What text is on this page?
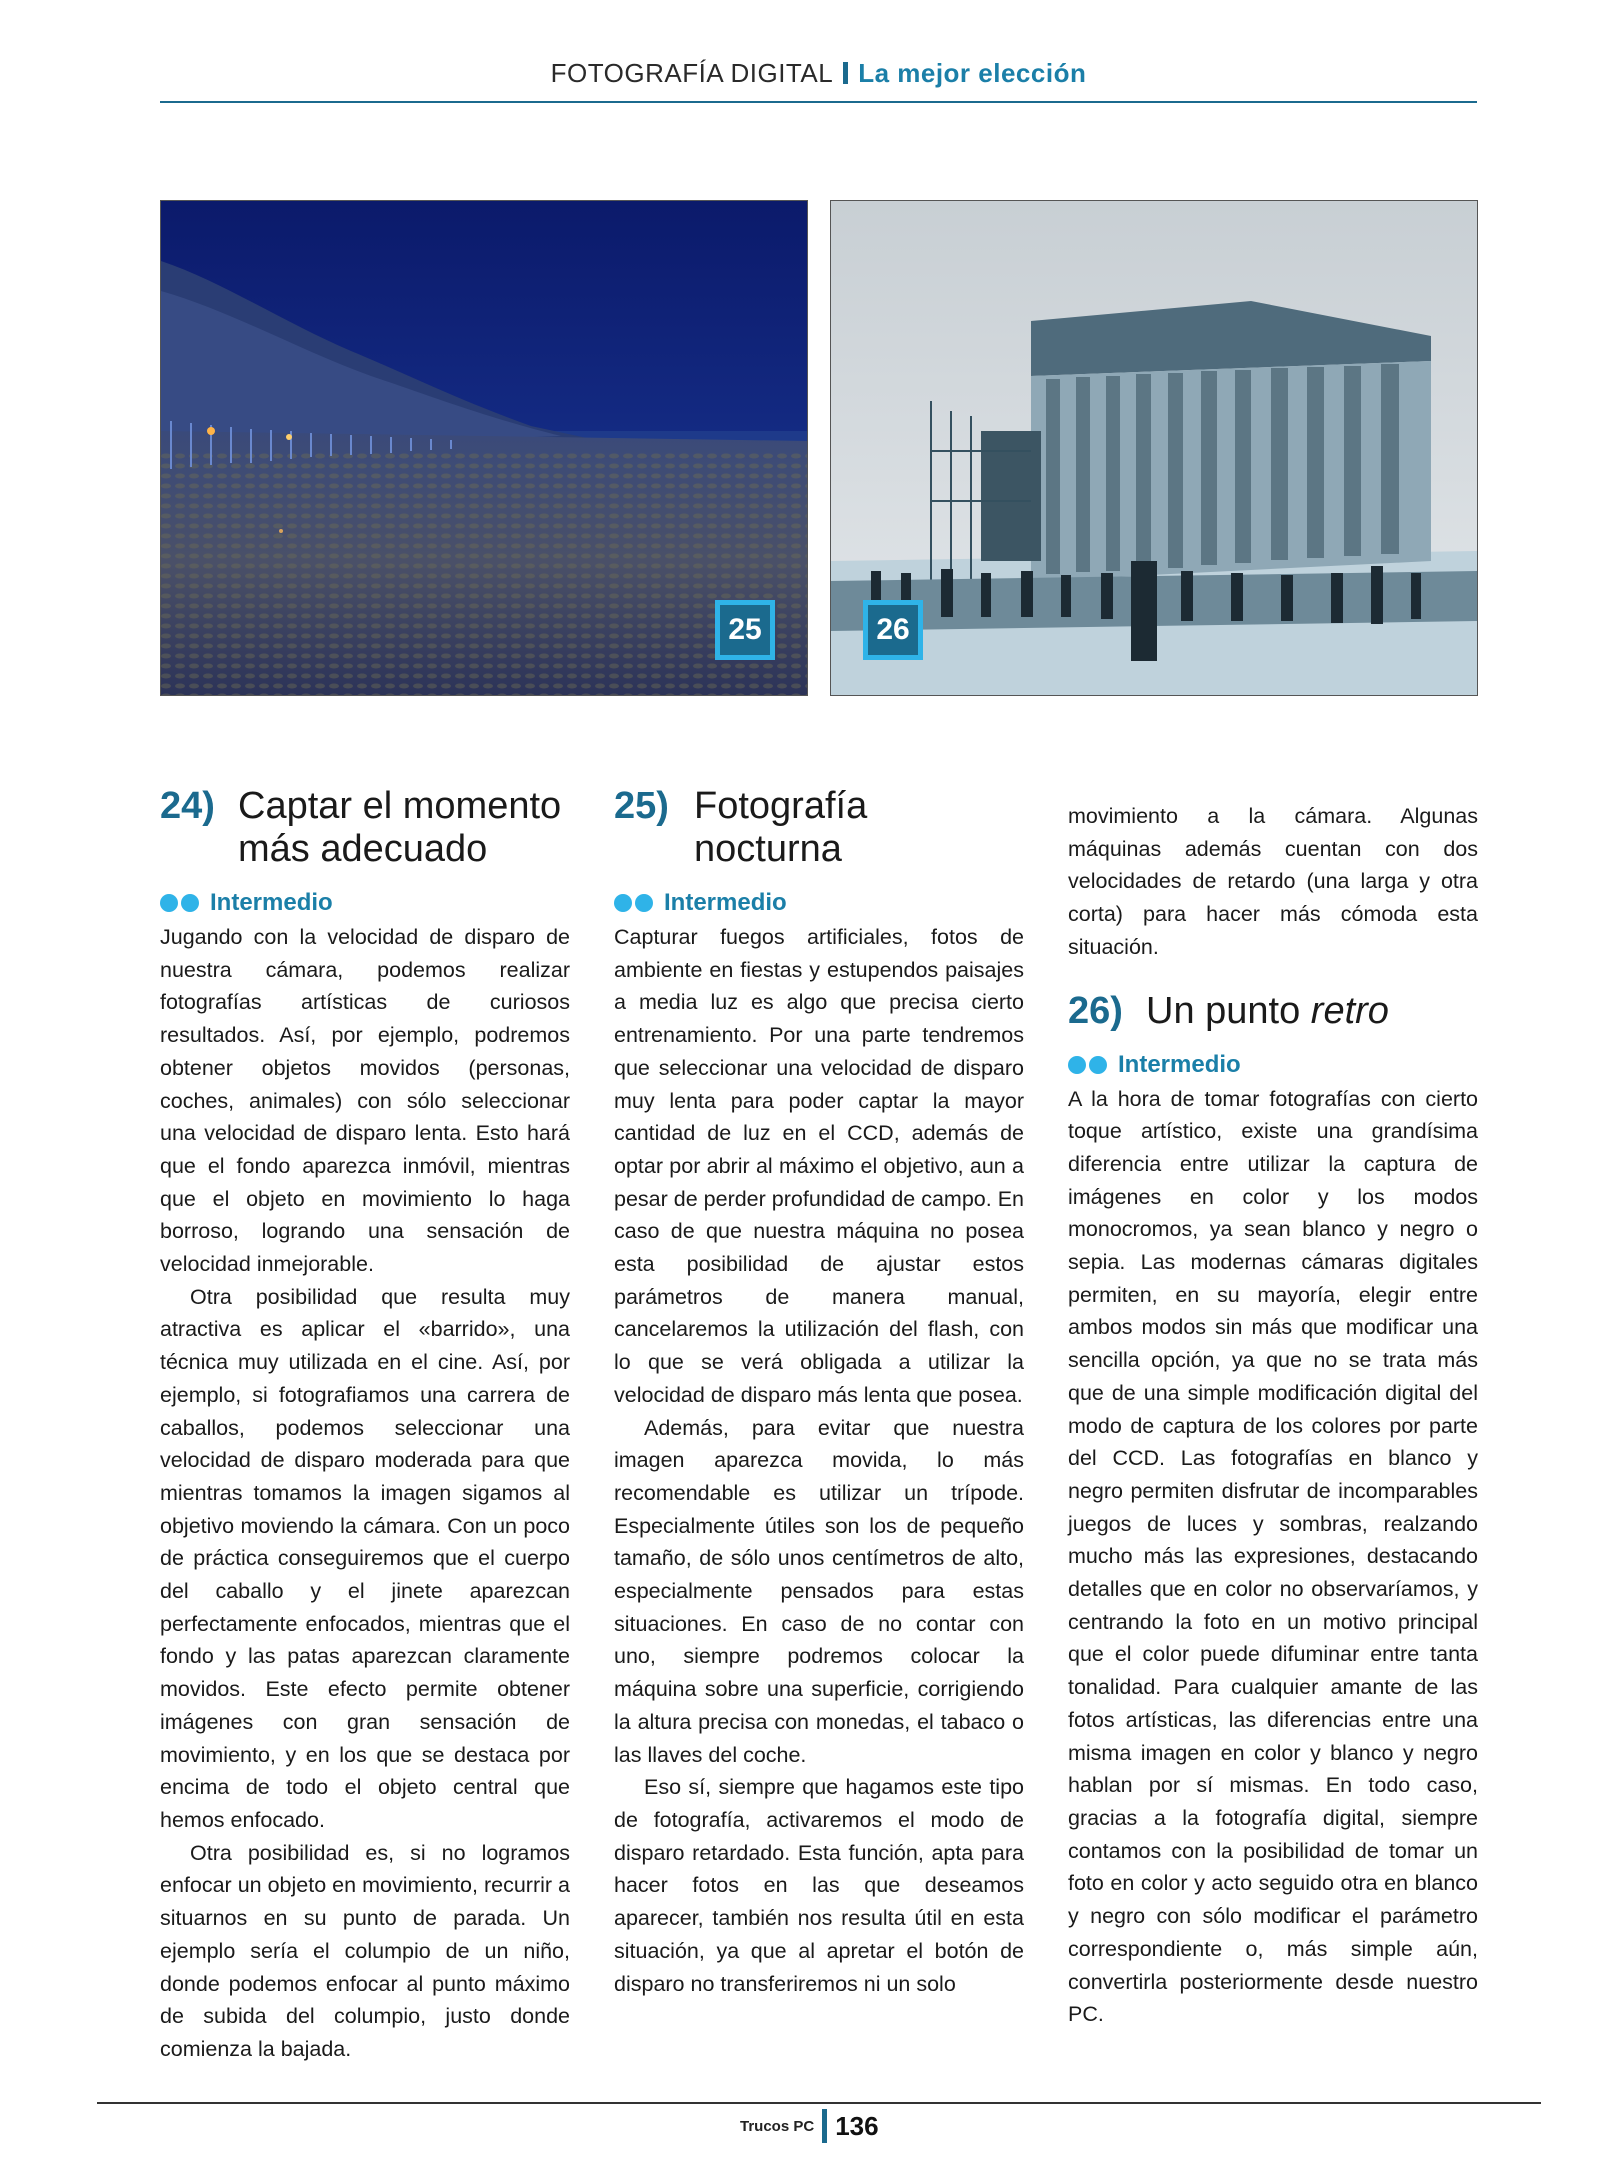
FOTOGRAFÍA DIGITAL La mejor elección
25	26
24) Captar el momento
más adecuado
Intermedio

Jugando con la velocidad de disparo de nuestra cámara, podemos realizar fotografías artísticas de curiosos resultados. Así, por ejemplo, podremos obtener objetos movidos (personas, coches, animales) con sólo seleccionar una velocidad de disparo lenta. Esto hará que el fondo aparezca inmóvil, mientras que el objeto en movimiento lo haga borroso, logrando una sensación de velocidad inmejorable.

Otra posibilidad que resulta muy atractiva es aplicar el «barrido», una técnica muy utilizada en el cine. Así, por ejemplo, si fotografiamos una carrera de caballos, podemos seleccionar una velocidad de disparo moderada para que mientras tomamos la imagen sigamos al objetivo moviendo la cámara. Con un poco de práctica conseguiremos que el cuerpo del caballo y el jinete aparezcan perfectamente enfocados, mientras que el fondo y las patas aparezcan claramente movidos. Este efecto permite obtener imágenes con gran sensación de movimiento, y en los que se destaca por encima de todo el objeto central que hemos enfocado.

Otra posibilidad es, si no logramos enfocar un objeto en movimiento, recurrir a situarnos en su punto de parada. Un ejemplo sería el columpio de un niño, donde podemos enfocar al punto máximo de subida del columpio, justo donde comienza la bajada.

25) Fotografía
nocturna
Intermedio

Capturar fuegos artificiales, fotos de ambiente en fiestas y estupendos paisajes a media luz es algo que precisa cierto entrenamiento. Por una parte tendremos que seleccionar una velocidad de disparo muy lenta para poder captar la mayor cantidad de luz en el CCD, además de optar por abrir al máximo el objetivo, aun a pesar de perder profundidad de campo. En caso de que nuestra máquina no posea esta posibilidad de ajustar estos parámetros de manera manual, cancelaremos la utilización del flash, con lo que se verá obligada a utilizar la velocidad de disparo más lenta que posea.

Además, para evitar que nuestra imagen aparezca movida, lo más recomendable es utilizar un trípode. Especialmente útiles son los de pequeño tamaño, de sólo unos centímetros de alto, especialmente pensados para estas situaciones. En caso de no contar con uno, siempre podremos colocar la máquina sobre una superficie, corrigiendo la altura precisa con monedas, el tabaco o las llaves del coche.

Eso sí, siempre que hagamos este tipo de fotografía, activaremos el modo de disparo retardado. Esta función, apta para hacer fotos en las que deseamos aparecer, también nos resulta útil en esta situación, ya que al apretar el botón de disparo no transferiremos ni un solo

movimiento a la cámara. Algunas máquinas además cuentan con dos velocidades de retardo (una larga y otra corta) para hacer más cómoda esta situación.

26) Un punto retro
Intermedio

A la hora de tomar fotografías con cierto toque artístico, existe una grandísima diferencia entre utilizar la captura de imágenes en color y los modos monocromos, ya sean blanco y negro o sepia. Las modernas cámaras digitales permiten, en su mayoría, elegir entre ambos modos sin más que modificar una sencilla opción, ya que no se trata más que de una simple modificación digital del modo de captura de los colores por parte del CCD. Las fotografías en blanco y negro permiten disfrutar de incomparables juegos de luces y sombras, realzando mucho más las expresiones, destacando detalles que en color no observaríamos, y centrando la foto en un motivo principal que el color puede difuminar entre tanta tonalidad. Para cualquier amante de las fotos artísticas, las diferencias entre una misma imagen en color y blanco y negro hablan por sí mismas. En todo caso, gracias a la fotografía digital, siempre contamos con la posibilidad de tomar un foto en color y acto seguido otra en blanco y negro con sólo modificar el parámetro correspondiente o, más simple aún, convertirla posteriormente desde nuestro PC.

Trucos PC 136
